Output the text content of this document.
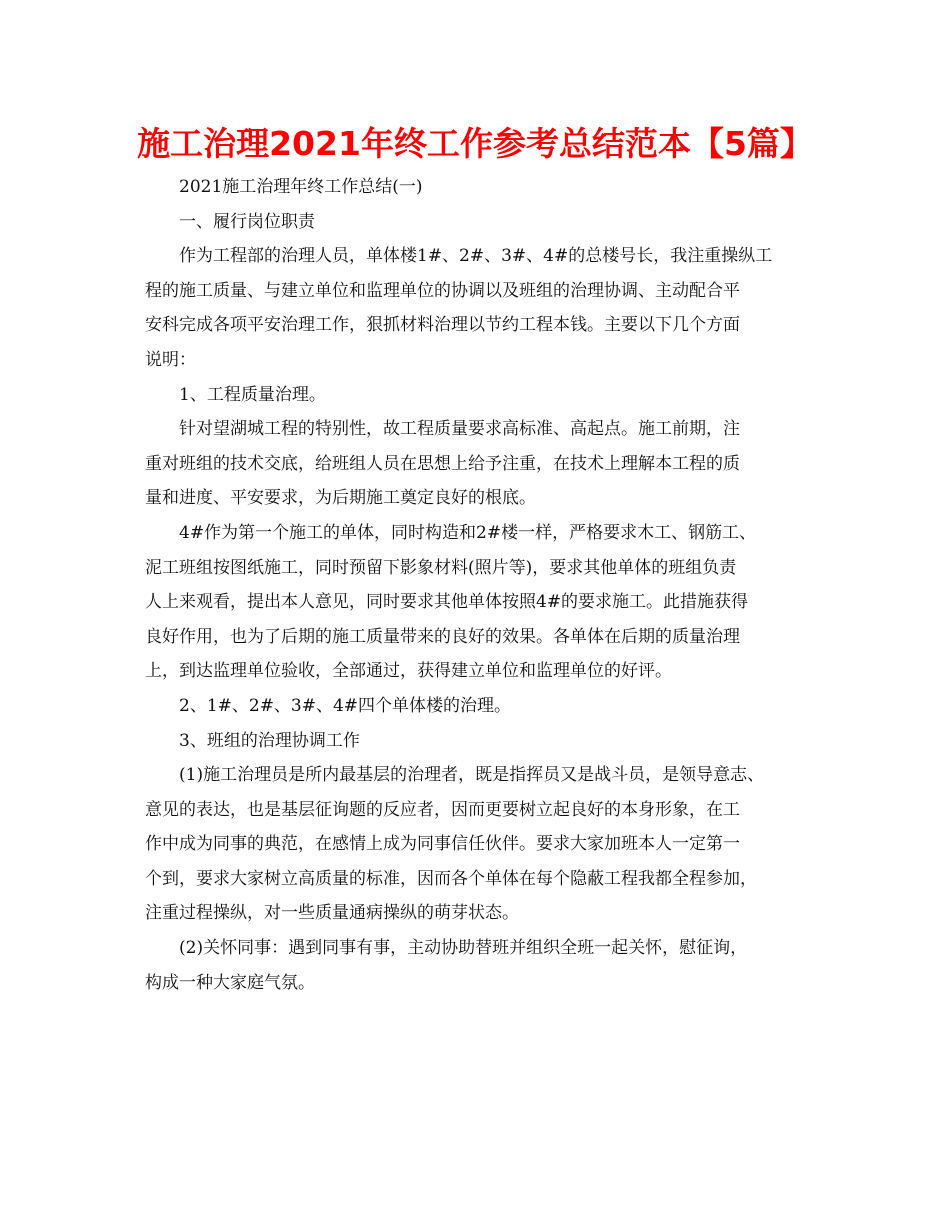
施工治理2021年终工作参考总结范本【5篇】

2021施工治理年终工作总结(一)

一、履行岗位职责

作为工程部的治理人员，单体楼1#、2#、3#、4#的总楼号长，我注重操纵工
程的施工质量、与建立单位和监理单位的协调以及班组的治理协调、主动配合平
安科完成各项平安治理工作，狠抓材料治理以节约工程本钱。主要以下几个方面
说明：

1、工程质量治理。

针对望湖城工程的特别性，故工程质量要求高标准、高起点。施工前期，注
重对班组的技术交底，给班组人员在思想上给予注重，在技术上理解本工程的质
量和进度、平安要求，为后期施工奠定良好的根底。

4#作为第一个施工的单体，同时构造和2#楼一样，严格要求木工、钢筋工、
泥工班组按图纸施工，同时预留下影象材料(照片等)，要求其他单体的班组负责
人上来观看，提出本人意见，同时要求其他单体按照4#的要求施工。此措施获得
良好作用，也为了后期的施工质量带来的良好的效果。各单体在后期的质量治理
上，到达监理单位验收，全部通过，获得建立单位和监理单位的好评。

2、1#、2#、3#、4#四个单体楼的治理。

3、班组的治理协调工作

(1)施工治理员是所内最基层的治理者，既是指挥员又是战斗员，是领导意志、
意见的表达，也是基层征询题的反应者，因而更要树立起良好的本身形象，在工
作中成为同事的典范，在感情上成为同事信任伙伴。要求大家加班本人一定第一
个到，要求大家树立高质量的标准，因而各个单体在每个隐蔽工程我都全程参加，
注重过程操纵，对一些质量通病操纵的萌芽状态。

(2)关怀同事：遇到同事有事，主动协助替班并组织全班一起关怀，慰征询，
构成一种大家庭气氛。
